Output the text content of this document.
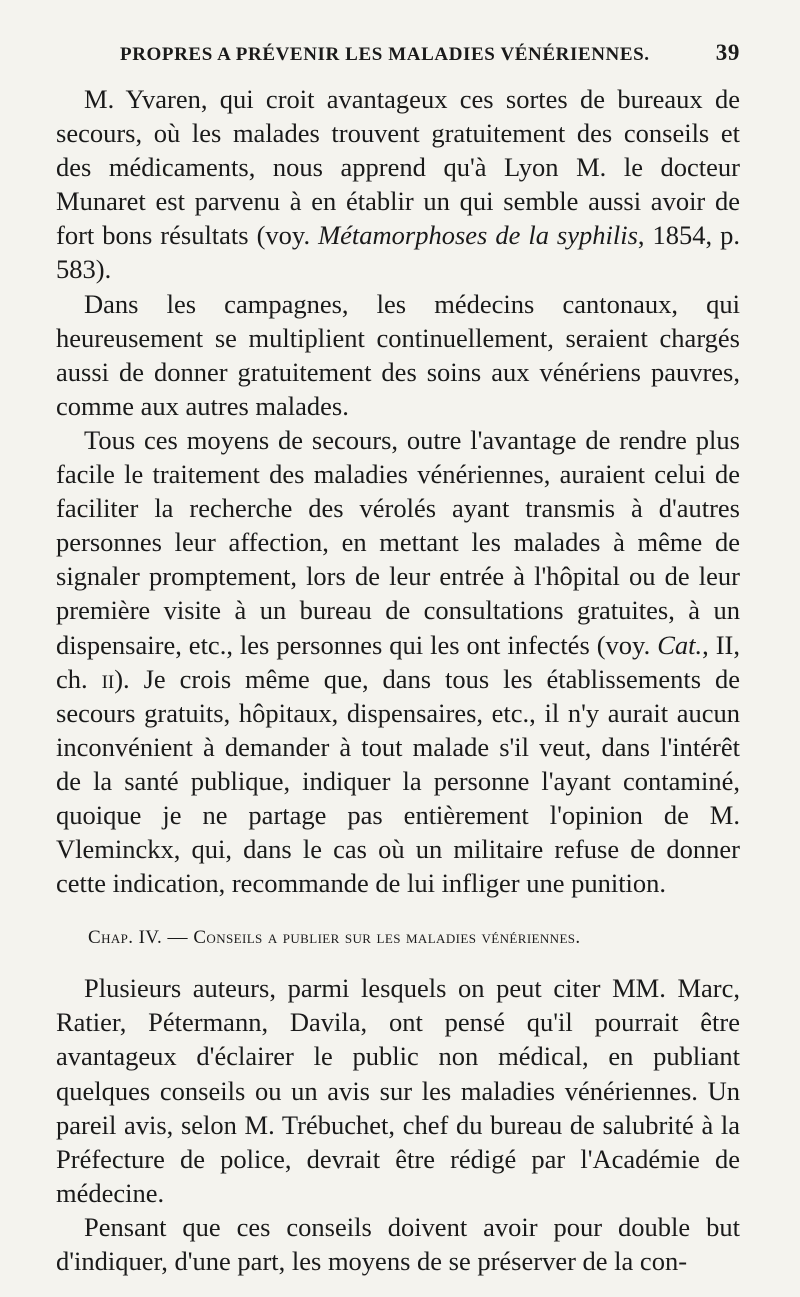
PROPRES A PRÉVENIR LES MALADIES VÉNÉRIENNES.	39

M. Yvaren, qui croit avantageux ces sortes de bureaux de secours, où les malades trouvent gratuitement des conseils et des médicaments, nous apprend qu'à Lyon M. le docteur Munaret est parvenu à en établir un qui semble aussi avoir de fort bons résultats (voy. Métamorphoses de la syphilis, 1854, p. 583).

Dans les campagnes, les médecins cantonaux, qui heureusement se multiplient continuellement, seraient chargés aussi de donner gratuitement des soins aux vénériens pauvres, comme aux autres malades.

Tous ces moyens de secours, outre l'avantage de rendre plus facile le traitement des maladies vénériennes, auraient celui de faciliter la recherche des vérolés ayant transmis à d'autres personnes leur affection, en mettant les malades à même de signaler promptement, lors de leur entrée à l'hôpital ou de leur première visite à un bureau de consultations gratuites, à un dispensaire, etc., les personnes qui les ont infectés (voy. Cat., II, ch. ii). Je crois même que, dans tous les établissements de secours gratuits, hôpitaux, dispensaires, etc., il n'y aurait aucun inconvénient à demander à tout malade s'il veut, dans l'intérêt de la santé publique, indiquer la personne l'ayant contaminé, quoique je ne partage pas entièrement l'opinion de M. Vleminckx, qui, dans le cas où un militaire refuse de donner cette indication, recommande de lui infliger une punition.

Chap. IV. — Conseils a publier sur les maladies vénériennes.

Plusieurs auteurs, parmi lesquels on peut citer MM. Marc, Ratier, Pétermann, Davila, ont pensé qu'il pourrait être avantageux d'éclairer le public non médical, en publiant quelques conseils ou un avis sur les maladies vénériennes. Un pareil avis, selon M. Trébuchet, chef du bureau de salubrité à la Préfecture de police, devrait être rédigé par l'Académie de médecine.

Pensant que ces conseils doivent avoir pour double but d'indiquer, d'une part, les moyens de se préserver de la con-
